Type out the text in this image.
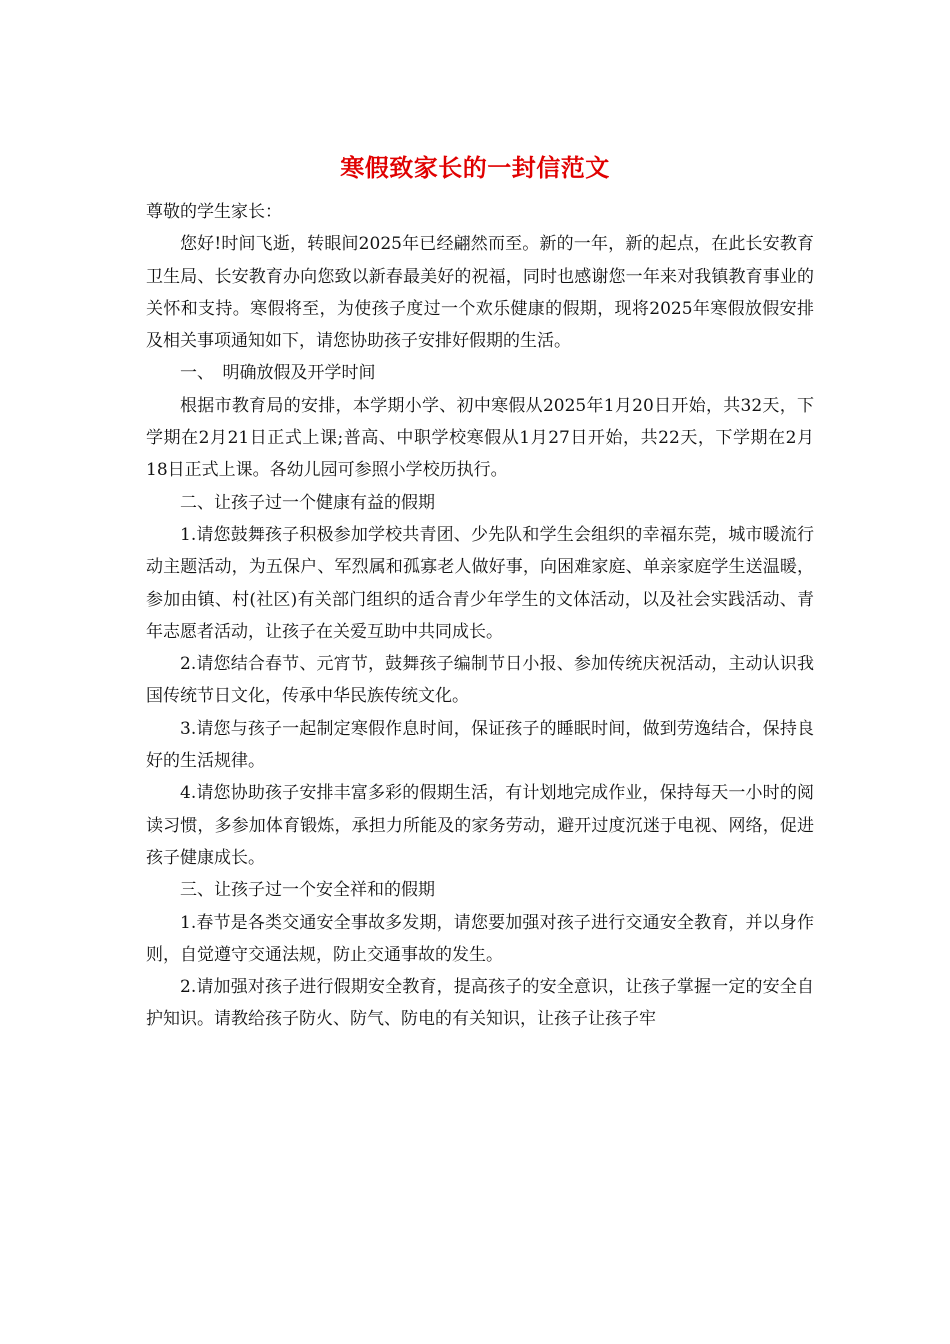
寒假致家长的一封信范文

尊敬的学生家长：

您好!时间飞逝，转眼间2025年已经翩然而至。新的一年，新的起点，在此长安教育卫生局、长安教育办向您致以新春最美好的祝福，同时也感谢您一年来对我镇教育事业的关怀和支持。寒假将至，为使孩子度过一个欢乐健康的假期，现将2025年寒假放假安排及相关事项通知如下，请您协助孩子安排好假期的生活。

一、　明确放假及开学时间

根据市教育局的安排，本学期小学、初中寒假从2025年1月20日开始，共32天，下学期在2月21日正式上课;普高、中职学校寒假从1月27日开始，共22天，下学期在2月18日正式上课。各幼儿园可参照小学校历执行。

二、让孩子过一个健康有益的假期

1.请您鼓舞孩子积极参加学校共青团、少先队和学生会组织的幸福东莞，城市暖流行动主题活动，为五保户、军烈属和孤寡老人做好事，向困难家庭、单亲家庭学生送温暖，参加由镇、村(社区)有关部门组织的适合青少年学生的文体活动，以及社会实践活动、青年志愿者活动，让孩子在关爱互助中共同成长。

2.请您结合春节、元宵节，鼓舞孩子编制节日小报、参加传统庆祝活动，主动认识我国传统节日文化，传承中华民族传统文化。

3.请您与孩子一起制定寒假作息时间，保证孩子的睡眠时间，做到劳逸结合，保持良好的生活规律。

4.请您协助孩子安排丰富多彩的假期生活，有计划地完成作业，保持每天一小时的阅读习惯，多参加体育锻炼，承担力所能及的家务劳动，避开过度沉迷于电视、网络，促进孩子健康成长。

三、让孩子过一个安全祥和的假期

1.春节是各类交通安全事故多发期，请您要加强对孩子进行交通安全教育，并以身作则，自觉遵守交通法规，防止交通事故的发生。

2.请加强对孩子进行假期安全教育，提高孩子的安全意识，让孩子掌握一定的安全自护知识。请教给孩子防火、防气、防电的有关知识，让孩子让孩子牢
